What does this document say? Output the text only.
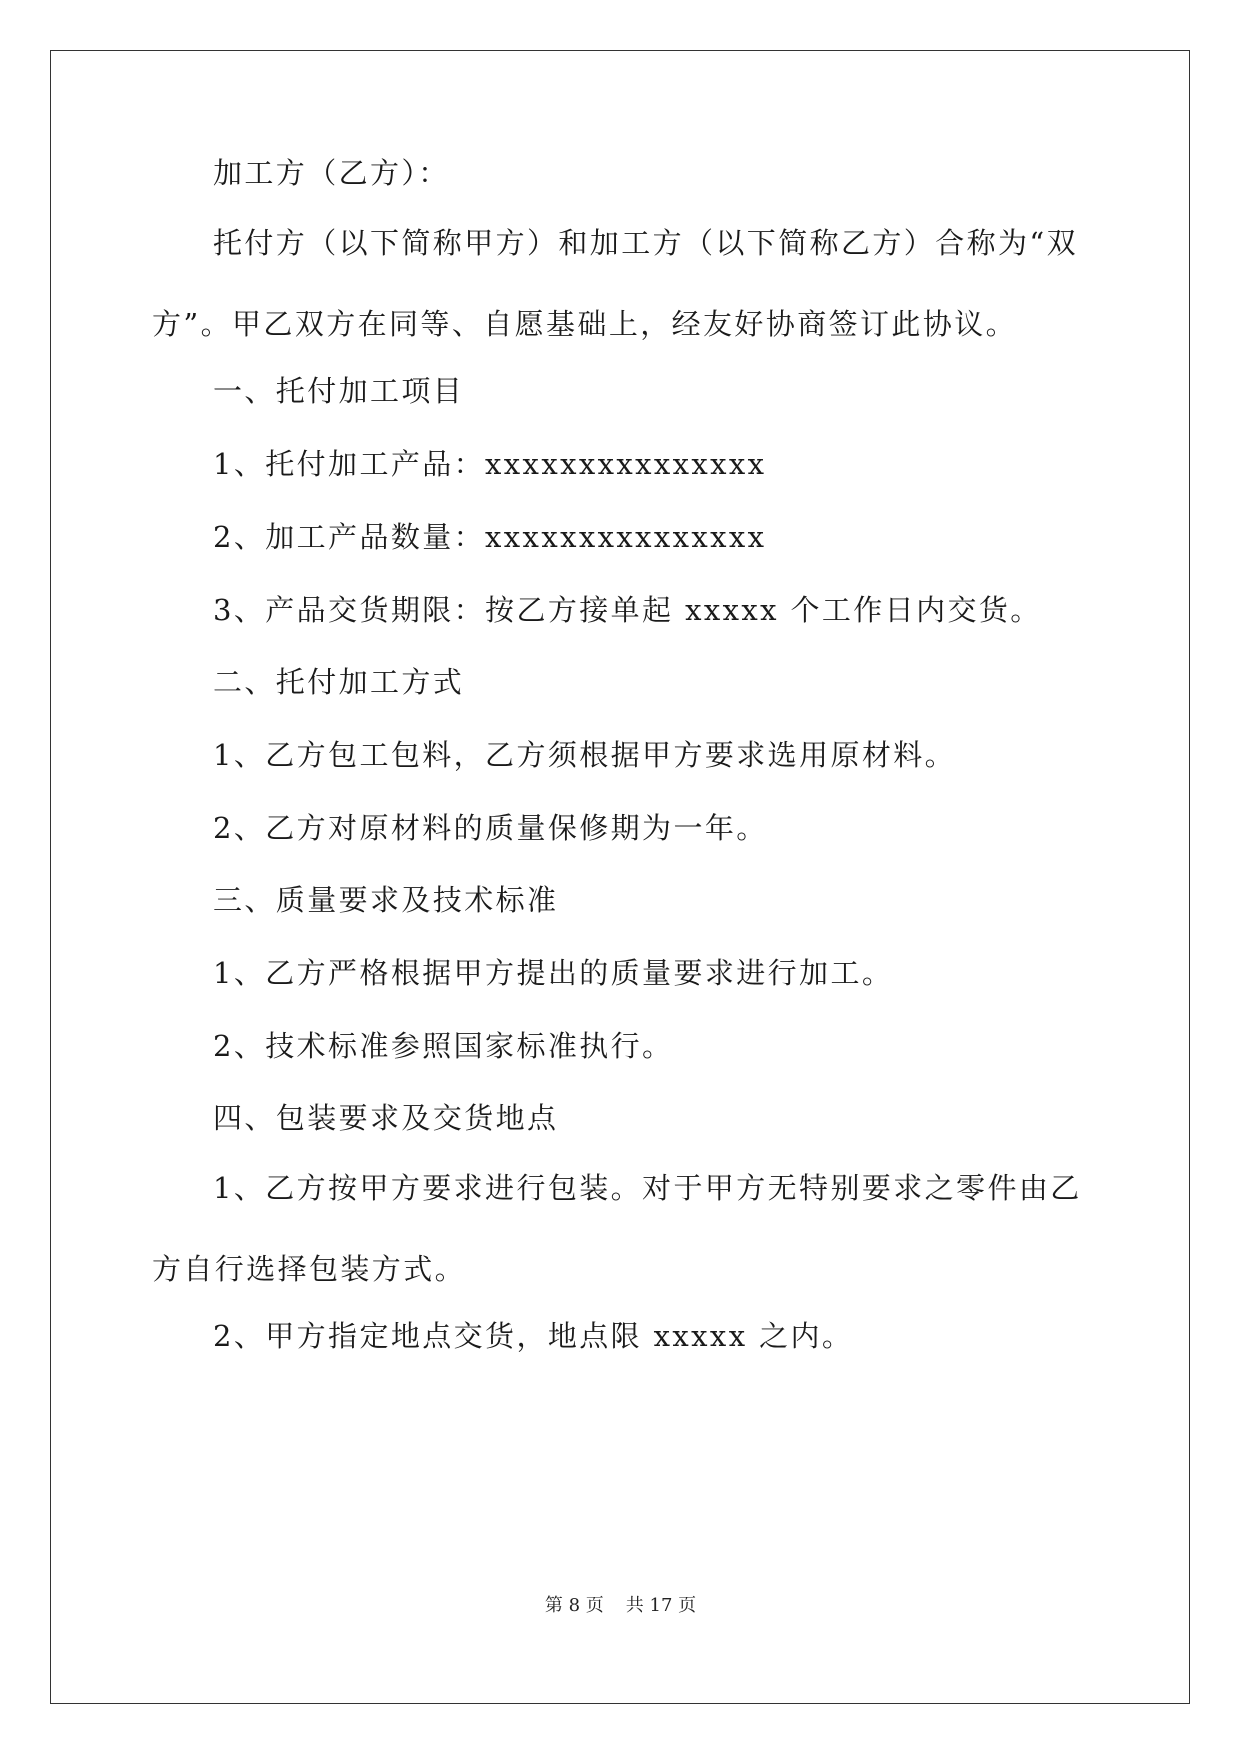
加工方（乙方）：
托付方（以下简称甲方）和加工方（以下简称乙方）合称为“双方”。甲乙双方在同等、自愿基础上，经友好协商签订此协议。
一、托付加工项目
1、托付加工产品：xxxxxxxxxxxxxxx
2、加工产品数量：xxxxxxxxxxxxxxx
3、产品交货期限：按乙方接单起 xxxxx 个工作日内交货。
二、托付加工方式
1、乙方包工包料，乙方须根据甲方要求选用原材料。
2、乙方对原材料的质量保修期为一年。
三、质量要求及技术标准
1、乙方严格根据甲方提出的质量要求进行加工。
2、技术标准参照国家标准执行。
四、包装要求及交货地点
1、乙方按甲方要求进行包装。对于甲方无特别要求之零件由乙方自行选择包装方式。
2、甲方指定地点交货，地点限 xxxxx 之内。
第 8 页 共 17 页
